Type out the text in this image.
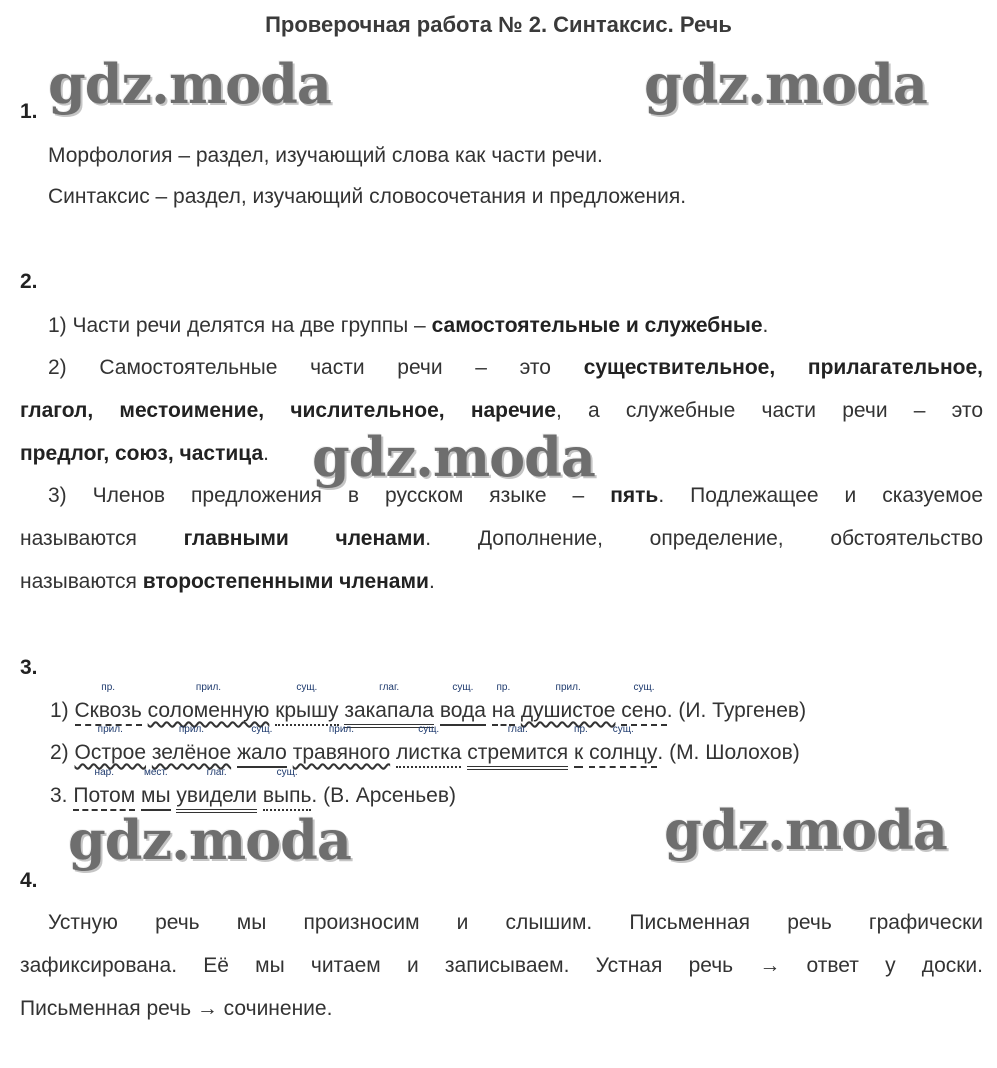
Проверочная работа № 2. Синтаксис. Речь
gdz.moda	gdz.moda
gdz.moda
gdz.moda	gdz.moda
1.
Морфология – раздел, изучающий слова как части речи.
Синтаксис – раздел, изучающий словосочетания и предложения.
2.
1) Части речи делятся на две группы – самостоятельные и служебные.
2) Самостоятельные части речи – это существительное, прилагательное,
глагол, местоимение, числительное, наречие, а служебные части речи – это
предлог, союз, частица.
3) Членов предложения в русском языке – пять. Подлежащее и сказуемое
называются главными членами. Дополнение, определение, обстоятельство
называются второстепенными членами.
3.
1)
пр.
Сквозь
прил.
соломенную
сущ.
крышу
глаг.
закапала
сущ.
вода
пр.
на
прил.
душистое
сущ.
сено. (И. Тургенев)
2)
прил.
Острое
прил.
зелёное
сущ.
жало
прил.
травяного
сущ.
листка
глаг.
стремится
пр.
к
сущ.
солнцу. (М. Шолохов)
3.
нар.
Потом
мест.
мы
глаг.
увидели
сущ.
выпь. (В. Арсеньев)
4.
Устную речь мы произносим и слышим. Письменная речь графически
зафиксирована. Её мы читаем и записываем. Устная речь → ответ у доски.
Письменная речь → сочинение.
